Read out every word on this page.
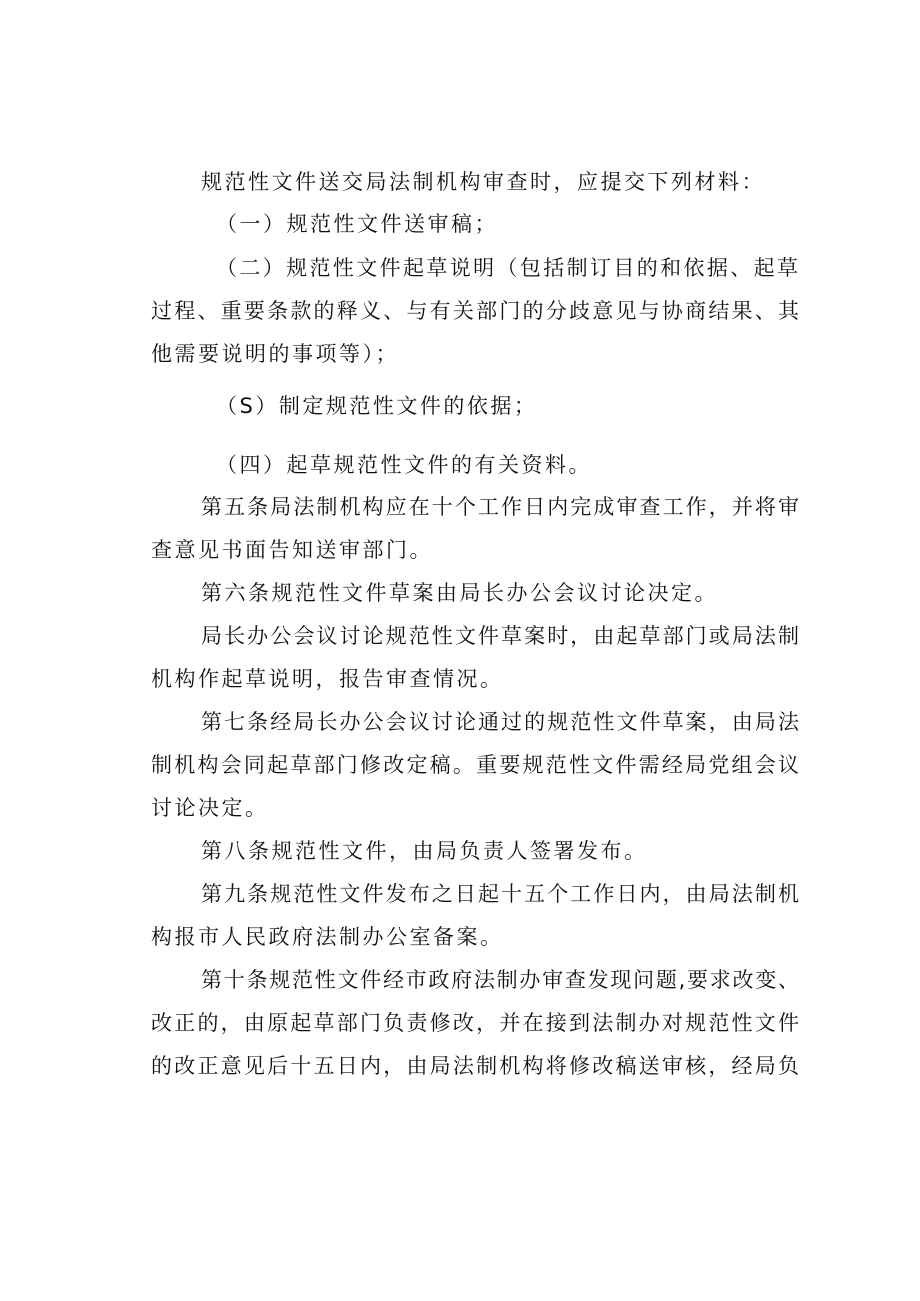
规范性文件送交局法制机构审查时，应提交下列材料：
（一）规范性文件送审稿；
（二）规范性文件起草说明（包括制订目的和依据、起草
过程、重要条款的释义、与有关部门的分歧意见与协商结果、其
他需要说明的事项等）；
（S）制定规范性文件的依据；
（四）起草规范性文件的有关资料。
第五条局法制机构应在十个工作日内完成审查工作，并将审
查意见书面告知送审部门。
第六条规范性文件草案由局长办公会议讨论决定。
局长办公会议讨论规范性文件草案时，由起草部门或局法制
机构作起草说明，报告审查情况。
第七条经局长办公会议讨论通过的规范性文件草案，由局法
制机构会同起草部门修改定稿。重要规范性文件需经局党组会议
讨论决定。
第八条规范性文件，由局负责人签署发布。
第九条规范性文件发布之日起十五个工作日内，由局法制机
构报市人民政府法制办公室备案。
第十条规范性文件经市政府法制办审查发现问题,要求改变、
改正的，由原起草部门负责修改，并在接到法制办对规范性文件
的改正意见后十五日内，由局法制机构将修改稿送审核，经局负
